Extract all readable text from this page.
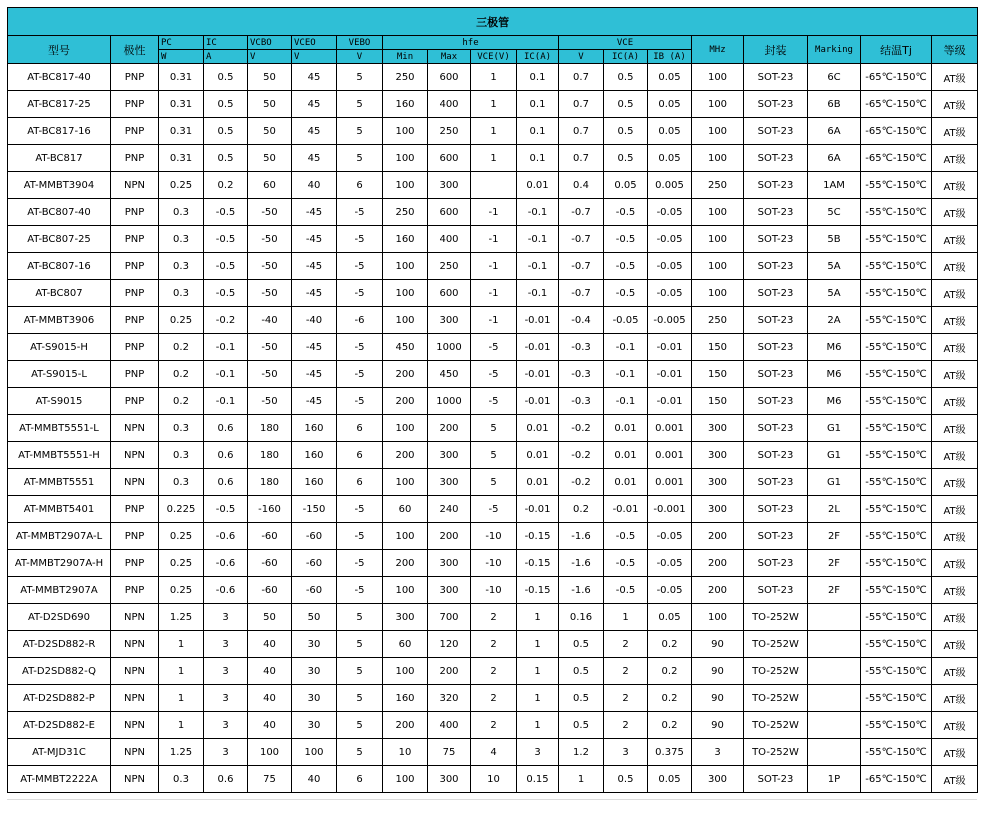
三极管																		
型号	极性	PC	IC	VCBO	VCEO	VEBO	hfe				VCE			MHz	封装	Marking	结温Tj	等级
		W	A	V	V	V	Min	Max	VCE(V)	IC(A)	V	IC(A)	IB (A)					
AT-BC817-40	PNP	0.31	0.5	50	45	5	250	600	1	0.1	0.7	0.5	0.05	100	SOT-23	6C	-65℃-150℃	AT级
AT-BC817-25	PNP	0.31	0.5	50	45	5	160	400	1	0.1	0.7	0.5	0.05	100	SOT-23	6B	-65℃-150℃	AT级
AT-BC817-16	PNP	0.31	0.5	50	45	5	100	250	1	0.1	0.7	0.5	0.05	100	SOT-23	6A	-65℃-150℃	AT级
AT-BC817	PNP	0.31	0.5	50	45	5	100	600	1	0.1	0.7	0.5	0.05	100	SOT-23	6A	-65℃-150℃	AT级
AT-MMBT3904	NPN	0.25	0.2	60	40	6	100	300		0.01	0.4	0.05	0.005	250	SOT-23	1AM	-55℃-150℃	AT级
AT-BC807-40	PNP	0.3	-0.5	-50	-45	-5	250	600	-1	-0.1	-0.7	-0.5	-0.05	100	SOT-23	5C	-55℃-150℃	AT级
AT-BC807-25	PNP	0.3	-0.5	-50	-45	-5	160	400	-1	-0.1	-0.7	-0.5	-0.05	100	SOT-23	5B	-55℃-150℃	AT级
AT-BC807-16	PNP	0.3	-0.5	-50	-45	-5	100	250	-1	-0.1	-0.7	-0.5	-0.05	100	SOT-23	5A	-55℃-150℃	AT级
AT-BC807	PNP	0.3	-0.5	-50	-45	-5	100	600	-1	-0.1	-0.7	-0.5	-0.05	100	SOT-23	5A	-55℃-150℃	AT级
AT-MMBT3906	PNP	0.25	-0.2	-40	-40	-6	100	300	-1	-0.01	-0.4	-0.05	-0.005	250	SOT-23	2A	-55℃-150℃	AT级
AT-S9015-H	PNP	0.2	-0.1	-50	-45	-5	450	1000	-5	-0.01	-0.3	-0.1	-0.01	150	SOT-23	M6	-55℃-150℃	AT级
AT-S9015-L	PNP	0.2	-0.1	-50	-45	-5	200	450	-5	-0.01	-0.3	-0.1	-0.01	150	SOT-23	M6	-55℃-150℃	AT级
AT-S9015	PNP	0.2	-0.1	-50	-45	-5	200	1000	-5	-0.01	-0.3	-0.1	-0.01	150	SOT-23	M6	-55℃-150℃	AT级
AT-MMBT5551-L	NPN	0.3	0.6	180	160	6	100	200	5	0.01	-0.2	0.01	0.001	300	SOT-23	G1	-55℃-150℃	AT级
AT-MMBT5551-H	NPN	0.3	0.6	180	160	6	200	300	5	0.01	-0.2	0.01	0.001	300	SOT-23	G1	-55℃-150℃	AT级
AT-MMBT5551	NPN	0.3	0.6	180	160	6	100	300	5	0.01	-0.2	0.01	0.001	300	SOT-23	G1	-55℃-150℃	AT级
AT-MMBT5401	PNP	0.225	-0.5	-160	-150	-5	60	240	-5	-0.01	0.2	-0.01	-0.001	300	SOT-23	2L	-55℃-150℃	AT级
AT-MMBT2907A-L	PNP	0.25	-0.6	-60	-60	-5	100	200	-10	-0.15	-1.6	-0.5	-0.05	200	SOT-23	2F	-55℃-150℃	AT级
AT-MMBT2907A-H	PNP	0.25	-0.6	-60	-60	-5	200	300	-10	-0.15	-1.6	-0.5	-0.05	200	SOT-23	2F	-55℃-150℃	AT级
AT-MMBT2907A	PNP	0.25	-0.6	-60	-60	-5	100	300	-10	-0.15	-1.6	-0.5	-0.05	200	SOT-23	2F	-55℃-150℃	AT级
AT-D2SD690	NPN	1.25	3	50	50	5	300	700	2	1	0.16	1	0.05	100	TO-252W		-55℃-150℃	AT级
AT-D2SD882-R	NPN	1	3	40	30	5	60	120	2	1	0.5	2	0.2	90	TO-252W		-55℃-150℃	AT级
AT-D2SD882-Q	NPN	1	3	40	30	5	100	200	2	1	0.5	2	0.2	90	TO-252W		-55℃-150℃	AT级
AT-D2SD882-P	NPN	1	3	40	30	5	160	320	2	1	0.5	2	0.2	90	TO-252W		-55℃-150℃	AT级
AT-D2SD882-E	NPN	1	3	40	30	5	200	400	2	1	0.5	2	0.2	90	TO-252W		-55℃-150℃	AT级
AT-MJD31C	NPN	1.25	3	100	100	5	10	75	4	3	1.2	3	0.375	3	TO-252W		-55℃-150℃	AT级
AT-MMBT2222A	NPN	0.3	0.6	75	40	6	100	300	10	0.15	1	0.5	0.05	300	SOT-23	1P	-65℃-150℃	AT级
